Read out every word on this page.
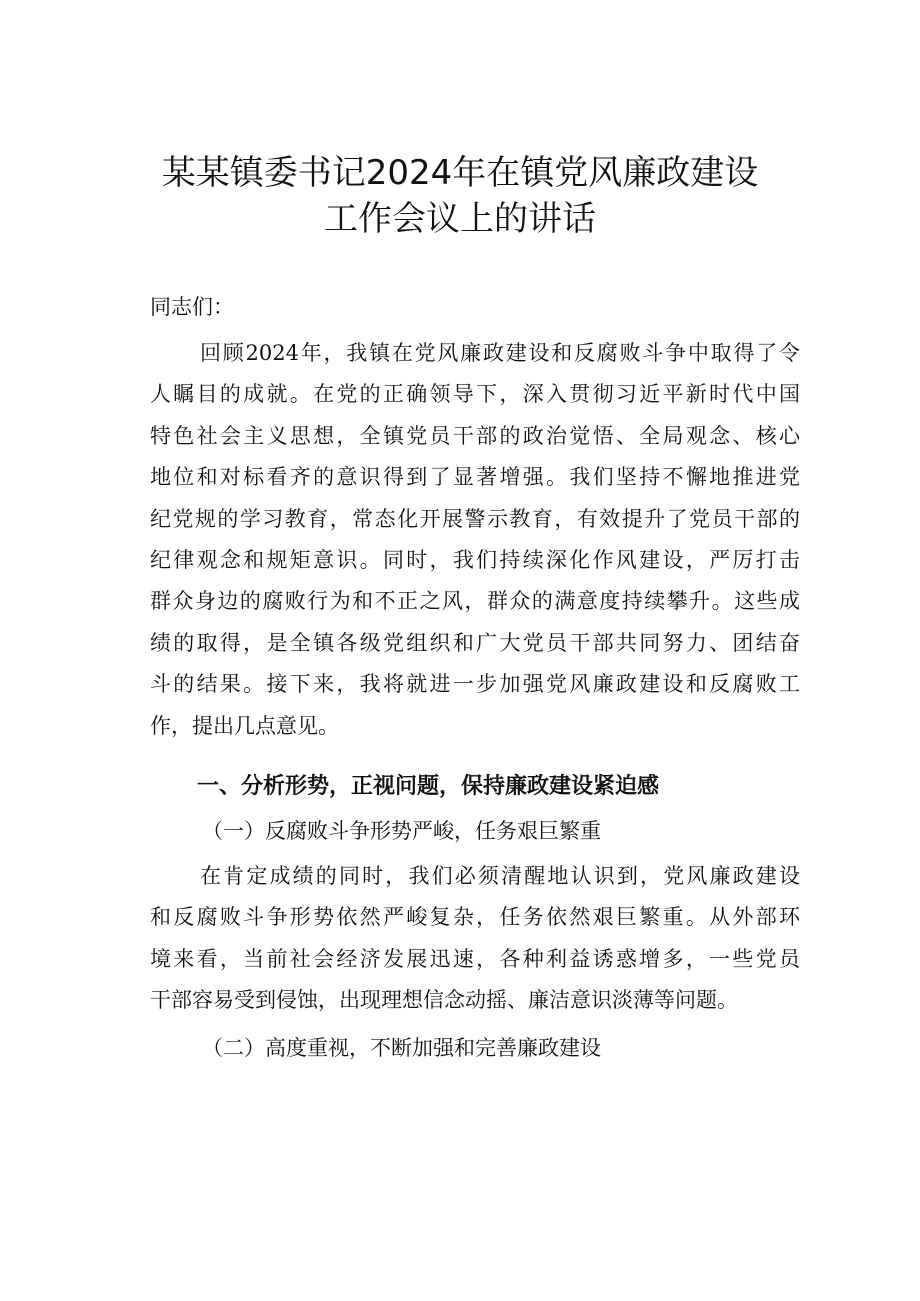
某某镇委书记2024年在镇党风廉政建设
工作会议上的讲话
同志们：
回顾2024年，我镇在党风廉政建设和反腐败斗争中取得了令
人瞩目的成就。在党的正确领导下，深入贯彻习近平新时代中国
特色社会主义思想，全镇党员干部的政治觉悟、全局观念、核心
地位和对标看齐的意识得到了显著增强。我们坚持不懈地推进党
纪党规的学习教育，常态化开展警示教育，有效提升了党员干部的
纪律观念和规矩意识。同时，我们持续深化作风建设，严厉打击
群众身边的腐败行为和不正之风，群众的满意度持续攀升。这些成
绩的取得，是全镇各级党组织和广大党员干部共同努力、团结奋
斗的结果。接下来，我将就进一步加强党风廉政建设和反腐败工
作，提出几点意见。
一、分析形势，正视问题，保持廉政建设紧迫感
（一）反腐败斗争形势严峻，任务艰巨繁重
在肯定成绩的同时，我们必须清醒地认识到，党风廉政建设
和反腐败斗争形势依然严峻复杂，任务依然艰巨繁重。从外部环
境来看，当前社会经济发展迅速，各种利益诱惑增多，一些党员
干部容易受到侵蚀，出现理想信念动摇、廉洁意识淡薄等问题。
（二）高度重视，不断加强和完善廉政建设
